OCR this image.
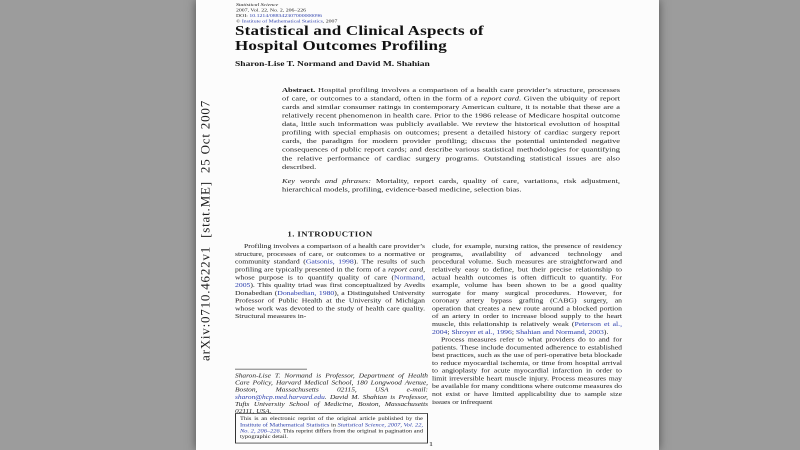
arXiv:0710.4622v1  [stat.ME]  25 Oct 2007
Statistical Science
2007, Vol. 22, No. 2, 206–226
DOI: 10.1214/088342307000000096
© Institute of Mathematical Statistics, 2007
Statistical and Clinical Aspects of
Hospital Outcomes Profiling
Sharon-Lise T. Normand and David M. Shahian

Abstract. Hospital profiling involves a comparison of a health care provider’s structure, processes of care, or outcomes to a standard, often in the form of a report card. Given the ubiquity of report cards and similar consumer ratings in contemporary American culture, it is notable that these are a relatively recent phenomenon in health care. Prior to the 1986 release of Medicare hospital outcome data, little such information was publicly available. We review the historical evolution of hospital profiling with special emphasis on outcomes; present a detailed history of cardiac surgery report cards, the paradigm for modern provider profiling; discuss the potential unintended negative consequences of public report cards; and describe various statistical methodologies for quantifying the relative performance of cardiac surgery programs. Outstanding statistical issues are also described.

Key words and phrases: Mortality, report cards, quality of care, variations, risk adjustment, hierarchical models, profiling, evidence-based medicine, selection bias.

1. INTRODUCTION

Profiling involves a comparison of a health care provider’s structure, processes of care, or outcomes to a normative or community standard (Gatsonis, 1998). The results of such profiling are typically presented in the form of a report card, whose purpose is to quantify quality of care (Normand, 2005). This quality triad was first conceptualized by Avedis Donabedian (Donabedian, 1980), a Distinguished University Professor of Public Health at the University of Michigan whose work was devoted to the study of health care quality. Structural measures in-

clude, for example, nursing ratios, the presence of residency programs, availability of advanced technology and procedural volume. Such measures are straightforward and relatively easy to define, but their precise relationship to actual health outcomes is often difficult to quantify. For example, volume has been shown to be a good quality surrogate for many surgical procedures. However, for coronary artery bypass grafting (CABG) surgery, an operation that creates a new route around a blocked portion of an artery in order to increase blood supply to the heart muscle, this relationship is relatively weak (Peterson et al., 2004; Shroyer et al., 1996; Shahian and Normand, 2003).

Process measures refer to what providers do to and for patients. These include documented adherence to established best practices, such as the use of peri-operative beta blockade to reduce myocardial ischemia, or time from hospital arrival to angioplasty for acute myocardial infarction in order to limit irreversible heart muscle injury. Process measures may be available for many conditions where outcome measures do not exist or have limited applicability due to sample size issues or infrequent

Sharon-Lise T. Normand is Professor, Department of Health Care Policy, Harvard Medical School, 180 Longwood Avenue, Boston, Massachusetts 02115, USA e-mail: sharon@hcp.med.harvard.edu. David M. Shahian is Professor, Tufts University School of Medicine, Boston, Massachusetts 02111, USA.
This is an electronic reprint of the original article published by the Institute of Mathematical Statistics in Statistical Science, 2007, Vol. 22, No. 2, 206–226. This reprint differs from the original in pagination and typographic detail.
1
